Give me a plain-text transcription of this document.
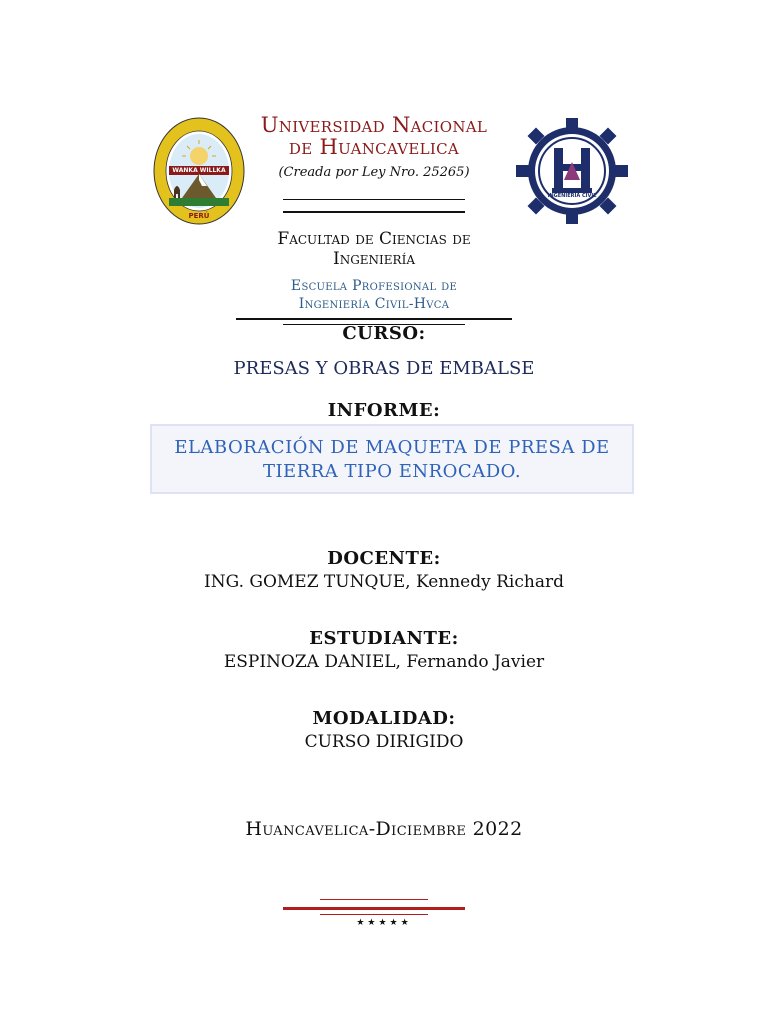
WANKA WILLKA
PERÚ
Universidad Nacional
de Huancavelica
(Creada por Ley Nro. 25265)
INGENIERÍA CIVIL
Facultad de Ciencias de
Ingeniería
Escuela Profesional de
Ingeniería Civil-Hvca
CURSO:
PRESAS Y OBRAS DE EMBALSE
INFORME:
ELABORACIÓN DE MAQUETA DE PRESA DE
TIERRA TIPO ENROCADO.
DOCENTE:
ING. GOMEZ TUNQUE, Kennedy Richard
ESTUDIANTE:
ESPINOZA DANIEL, Fernando Javier
MODALIDAD:
CURSO DIRIGIDO
Huancavelica-Diciembre 2022
★★★★★
